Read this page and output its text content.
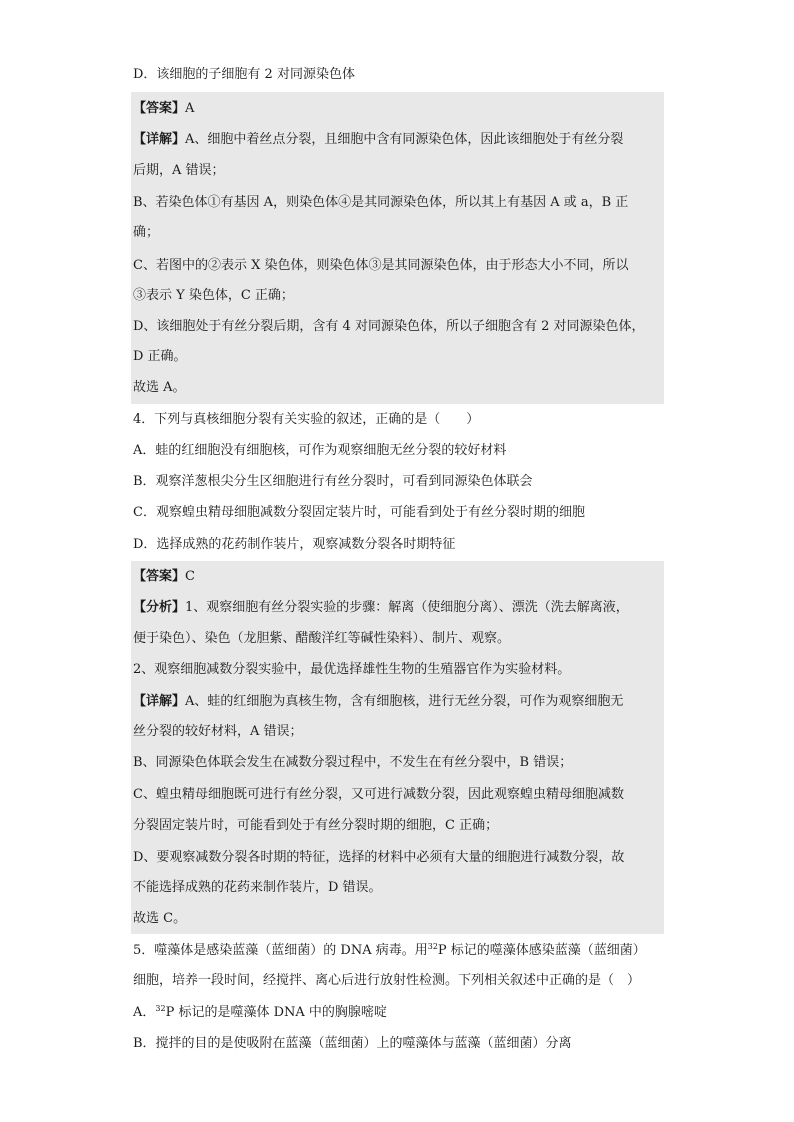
D．该细胞的子细胞有 2 对同源染色体
【答案】A
【详解】A、细胞中着丝点分裂，且细胞中含有同源染色体，因此该细胞处于有丝分裂
后期，A 错误；
B、若染色体①有基因 A，则染色体④是其同源染色体，所以其上有基因 A 或 a，B 正
确；
C、若图中的②表示 X 染色体，则染色体③是其同源染色体，由于形态大小不同，所以
③表示 Y 染色体，C 正确；
D、该细胞处于有丝分裂后期，含有 4 对同源染色体，所以子细胞含有 2 对同源染色体，
D 正确。
故选 A。
4．下列与真核细胞分裂有关实验的叙述，正确的是（　　）
A．蛙的红细胞没有细胞核，可作为观察细胞无丝分裂的较好材料
B．观察洋葱根尖分生区细胞进行有丝分裂时，可看到同源染色体联会
C．观察蝗虫精母细胞减数分裂固定装片时，可能看到处于有丝分裂时期的细胞
D．选择成熟的花药制作装片，观察减数分裂各时期特征
【答案】C
【分析】1、观察细胞有丝分裂实验的步骤：解离（使细胞分离）、漂洗（洗去解离液，
便于染色）、染色（龙胆紫、醋酸洋红等碱性染料）、制片、观察。
2、观察细胞减数分裂实验中，最优选择雄性生物的生殖器官作为实验材料。
【详解】A、蛙的红细胞为真核生物，含有细胞核，进行无丝分裂，可作为观察细胞无
丝分裂的较好材料，A 错误；
B、同源染色体联会发生在减数分裂过程中，不发生在有丝分裂中，B 错误；
C、蝗虫精母细胞既可进行有丝分裂，又可进行减数分裂，因此观察蝗虫精母细胞减数
分裂固定装片时，可能看到处于有丝分裂时期的细胞，C 正确；
D、要观察减数分裂各时期的特征，选择的材料中必须有大量的细胞进行减数分裂，故
不能选择成熟的花药来制作装片，D 错误。
故选 C。
5．噬藻体是感染蓝藻（蓝细菌）的 DNA 病毒。用$^{32}$P 标记的噬藻体感染蓝藻（蓝细菌）
细胞，培养一段时间，经搅拌、离心后进行放射性检测。下列相关叙述中正确的是（　）
A．$^{32}$P 标记的是噬藻体 DNA 中的胸腺嘧啶
B．搅拌的目的是使吸附在蓝藻（蓝细菌）上的噬藻体与蓝藻（蓝细菌）分离
